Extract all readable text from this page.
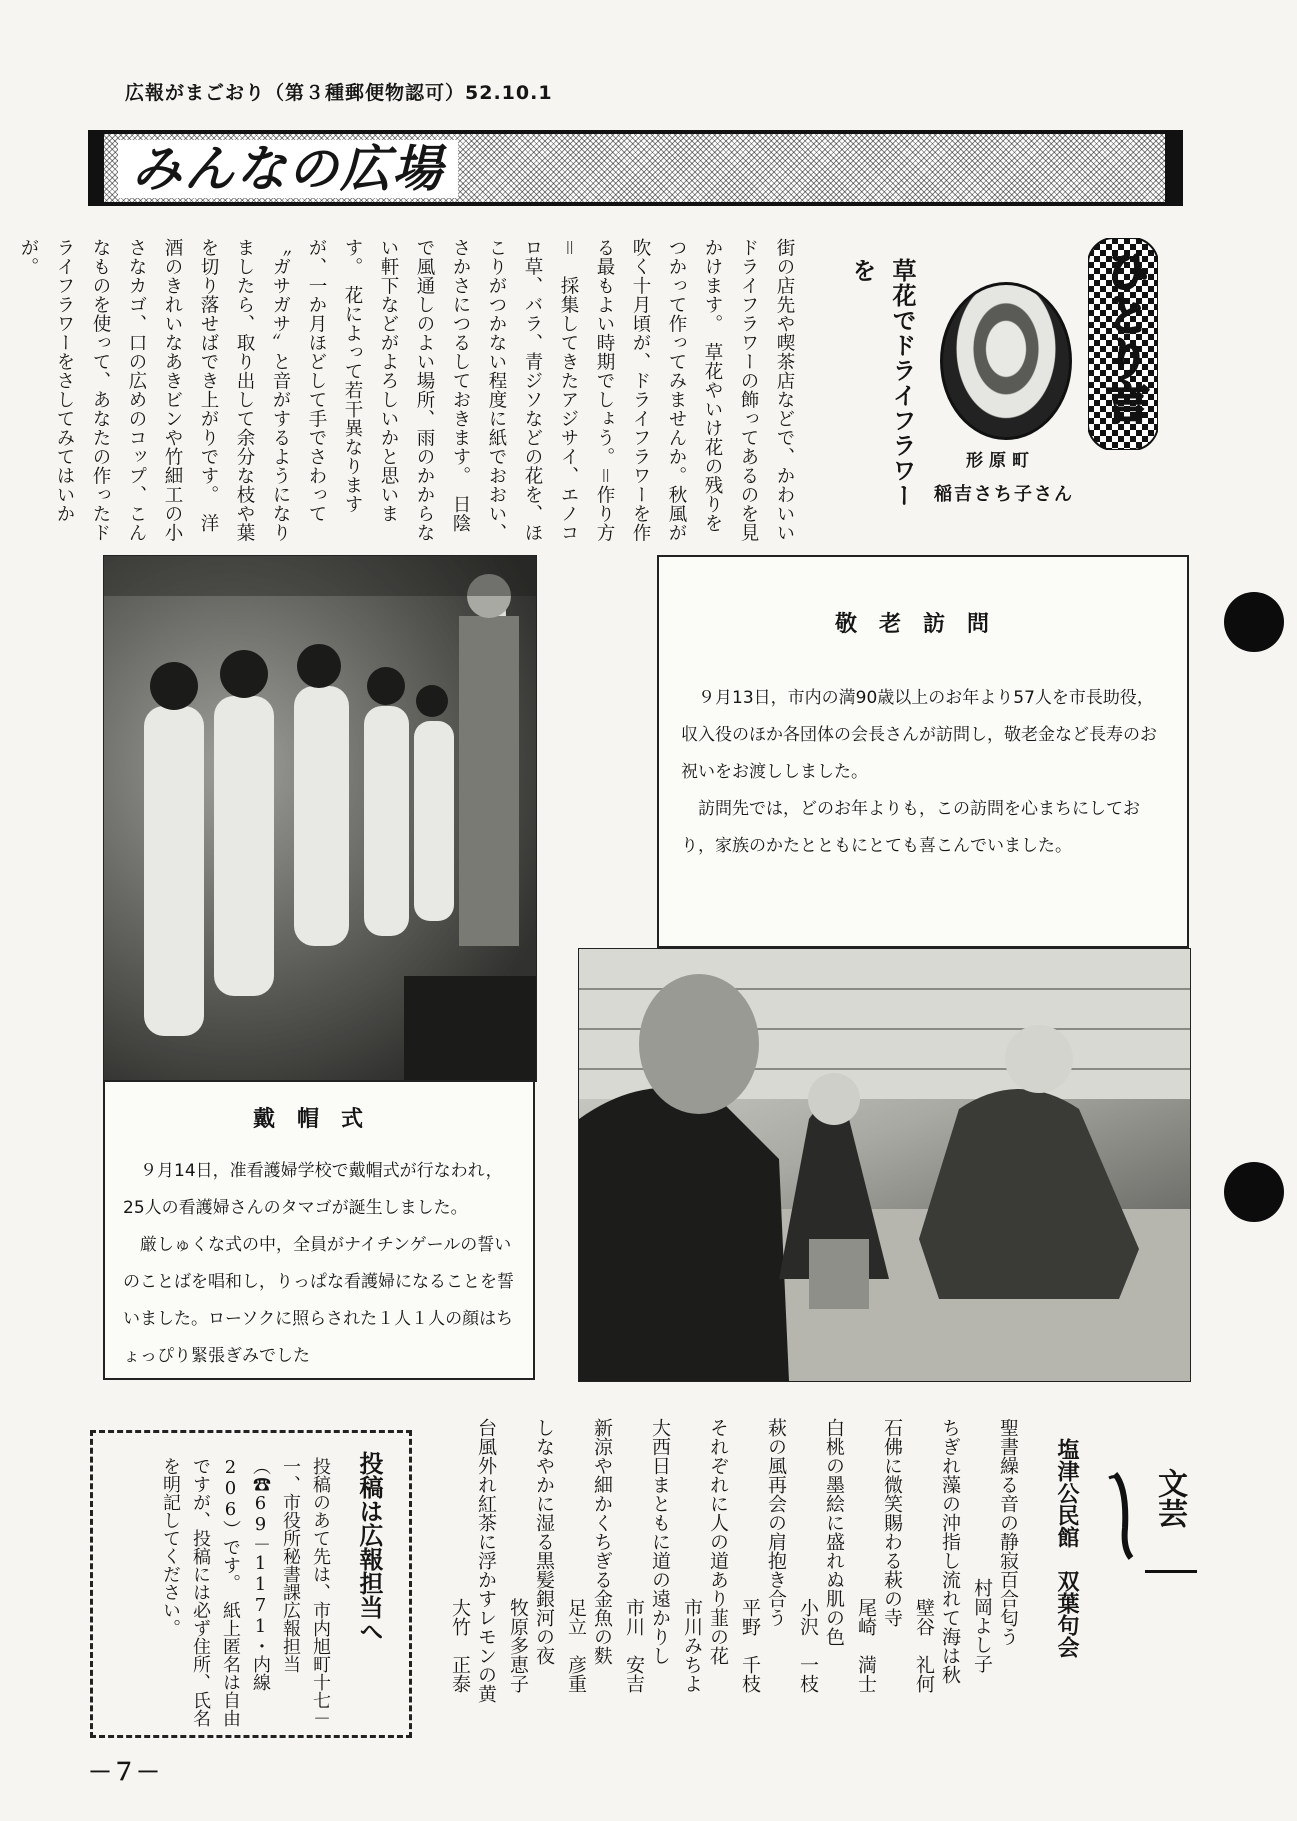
広報がまごおり（第３種郵便物認可）52.10.1
みんなの広場
ひとり言
形原町
稲吉さち子さん
草花でドライフラワーを
街の店先や喫茶店などで、かわいいドライフラワーの飾ってあるのを見かけます。　草花やいけ花の残りをつかって作ってみませんか。秋風が吹く十月頃が、ドライフラワーを作る最もよい時期でしょう。＝作り方＝　採集してきたアジサイ、エノコロ草、バラ、青ジソなどの花を、ほこりがつかない程度に紙でおおい、さかさにつるしておきます。　日陰で風通しのよい場所、雨のかからない軒下などがよろしいかと思います。　花によって若干異なりますが、一か月ほどして手でさわって〝ガサガサ〟と音がするようになりましたら、取り出して余分な枝や葉を切り落せばでき上がりです。　洋酒のきれいなあきビンや竹細工の小さなカゴ、口の広めのコップ、こんなものを使って、あなたの作ったドライフラワーをさしてみてはいかが。
戴帽式

９月14日，准看護婦学校で戴帽式が行なわれ，25人の看護婦さんのタマゴが誕生しました。

厳しゅくな式の中，全員がナイチンゲールの誓いのことばを唱和し，りっぱな看護婦になることを誓いました。ローソクに照らされた１人１人の顔はちょっぴり緊張ぎみでした

敬老訪問

９月13日，市内の満90歳以上のお年より57人を市長助役，収入役のほか各団体の会長さんが訪問し，敬老金など長寿のお祝いをお渡ししました。

訪問先では，どのお年よりも，この訪問を心まちにしており，家族のかたとともにとても喜こんでいました。

投稿は広報担当へ
投稿のあて先は、市内旭町十七－一、市役所秘書課広報担当（☎69－1171・内線206）です。　紙上匿名は自由ですが、投稿には必ず住所、氏名を明記してください。	文芸
塩津公民館　双葉句会
聖書繰る音の静寂百合匂う
村岡よし子
ちぎれ藻の沖指し流れて海は秋
壁谷　礼何
石佛に微笑賜わる萩の寺
尾崎　満士
白桃の墨絵に盛れぬ肌の色
小沢　一枝
萩の風再会の肩抱き合う
平野　千枝
それぞれに人の道あり韮の花
市川みちよ
大西日まともに道の遠かりし
市川　安吉
新涼や細かくちぎる金魚の麩
足立　彦重
しなやかに湿る黒髪銀河の夜
牧原多恵子
台風外れ紅茶に浮かすレモンの黄
大竹　正泰
－７－
